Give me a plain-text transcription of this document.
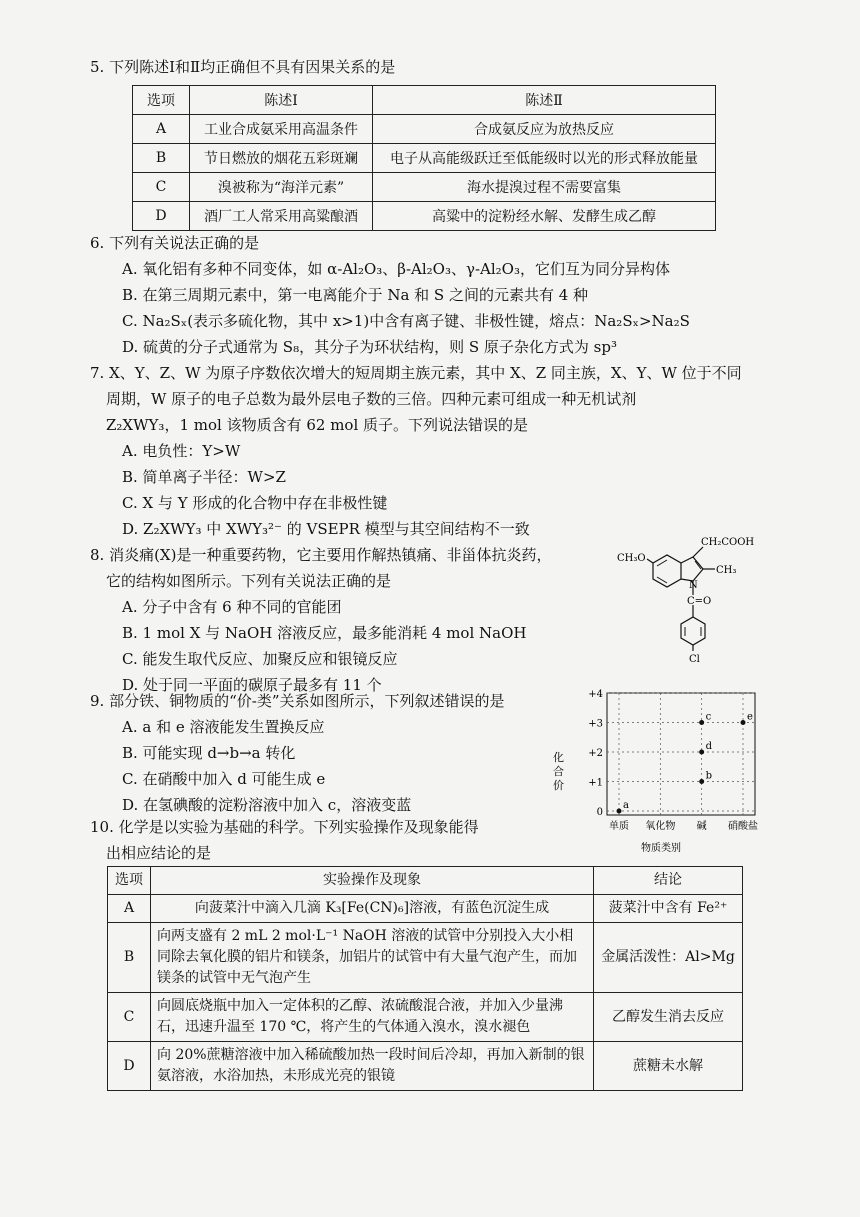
5. 下列陈述Ⅰ和Ⅱ均正确但不具有因果关系的是
选项	陈述Ⅰ	陈述Ⅱ
A	工业合成氨采用高温条件	合成氨反应为放热反应
B	节日燃放的烟花五彩斑斓	电子从高能级跃迁至低能级时以光的形式释放能量
C	溴被称为“海洋元素”	海水提溴过程不需要富集
D	酒厂工人常采用高粱酿酒	高粱中的淀粉经水解、发酵生成乙醇
6. 下列有关说法正确的是
A. 氧化铝有多种不同变体，如 α-Al₂O₃、β-Al₂O₃、γ-Al₂O₃，它们互为同分异构体
B. 在第三周期元素中，第一电离能介于 Na 和 S 之间的元素共有 4 种
C. Na₂Sₓ(表示多硫化物，其中 x>1)中含有离子键、非极性键，熔点：Na₂Sₓ>Na₂S
D. 硫黄的分子式通常为 S₈，其分子为环状结构，则 S 原子杂化方式为 sp³
7. X、Y、Z、W 为原子序数依次增大的短周期主族元素，其中 X、Z 同主族，X、Y、W 位于不同
周期，W 原子的电子总数为最外层电子数的三倍。四种元素可组成一种无机试剂
Z₂XWY₃，1 mol 该物质含有 62 mol 质子。下列说法错误的是
A. 电负性：Y>W
B. 简单离子半径：W>Z
C. X 与 Y 形成的化合物中存在非极性键
D. Z₂XWY₃ 中 XWY₃²⁻ 的 VSEPR 模型与其空间结构不一致
8. 消炎痛(X)是一种重要药物，它主要用作解热镇痛、非甾体抗炎药，
它的结构如图所示。下列有关说法正确的是
A. 分子中含有 6 种不同的官能团
B. 1 mol X 与 NaOH 溶液反应，最多能消耗 4 mol NaOH
C. 能发生取代反应、加聚反应和银镜反应
D. 处于同一平面的碳原子最多有 11 个
CH₂COOH
CH₃O
CH₃
N
C=O
Cl
9. 部分铁、铜物质的“价-类”关系如图所示，下列叙述错误的是
A. a 和 e 溶液能发生置换反应
B. 可能实现 d→b→a 转化
C. 在硝酸中加入 d 可能生成 e
D. 在氢碘酸的淀粉溶液中加入 c，溶液变蓝
化
合
价
物质类别
0
+1
+2
+3
+4
单质 氧化物 碱 硝酸盐
a
b
c
d
e
10. 化学是以实验为基础的科学。下列实验操作及现象能得
出相应结论的是
选项	实验操作及现象	结论
A	向菠菜汁中滴入几滴 K₃[Fe(CN)₆]溶液，有蓝色沉淀生成	菠菜汁中含有 Fe²⁺
B	向两支盛有 2 mL 2 mol·L⁻¹ NaOH 溶液的试管中分别投入大小相同除去氧化膜的铝片和镁条，加铝片的试管中有大量气泡产生，而加镁条的试管中无气泡产生	金属活泼性：Al>Mg
C	向圆底烧瓶中加入一定体积的乙醇、浓硫酸混合液，并加入少量沸石，迅速升温至 170 ℃，将产生的气体通入溴水，溴水褪色	乙醇发生消去反应
D	向 20%蔗糖溶液中加入稀硫酸加热一段时间后冷却，再加入新制的银氨溶液，水浴加热，未形成光亮的银镜	蔗糖未水解
